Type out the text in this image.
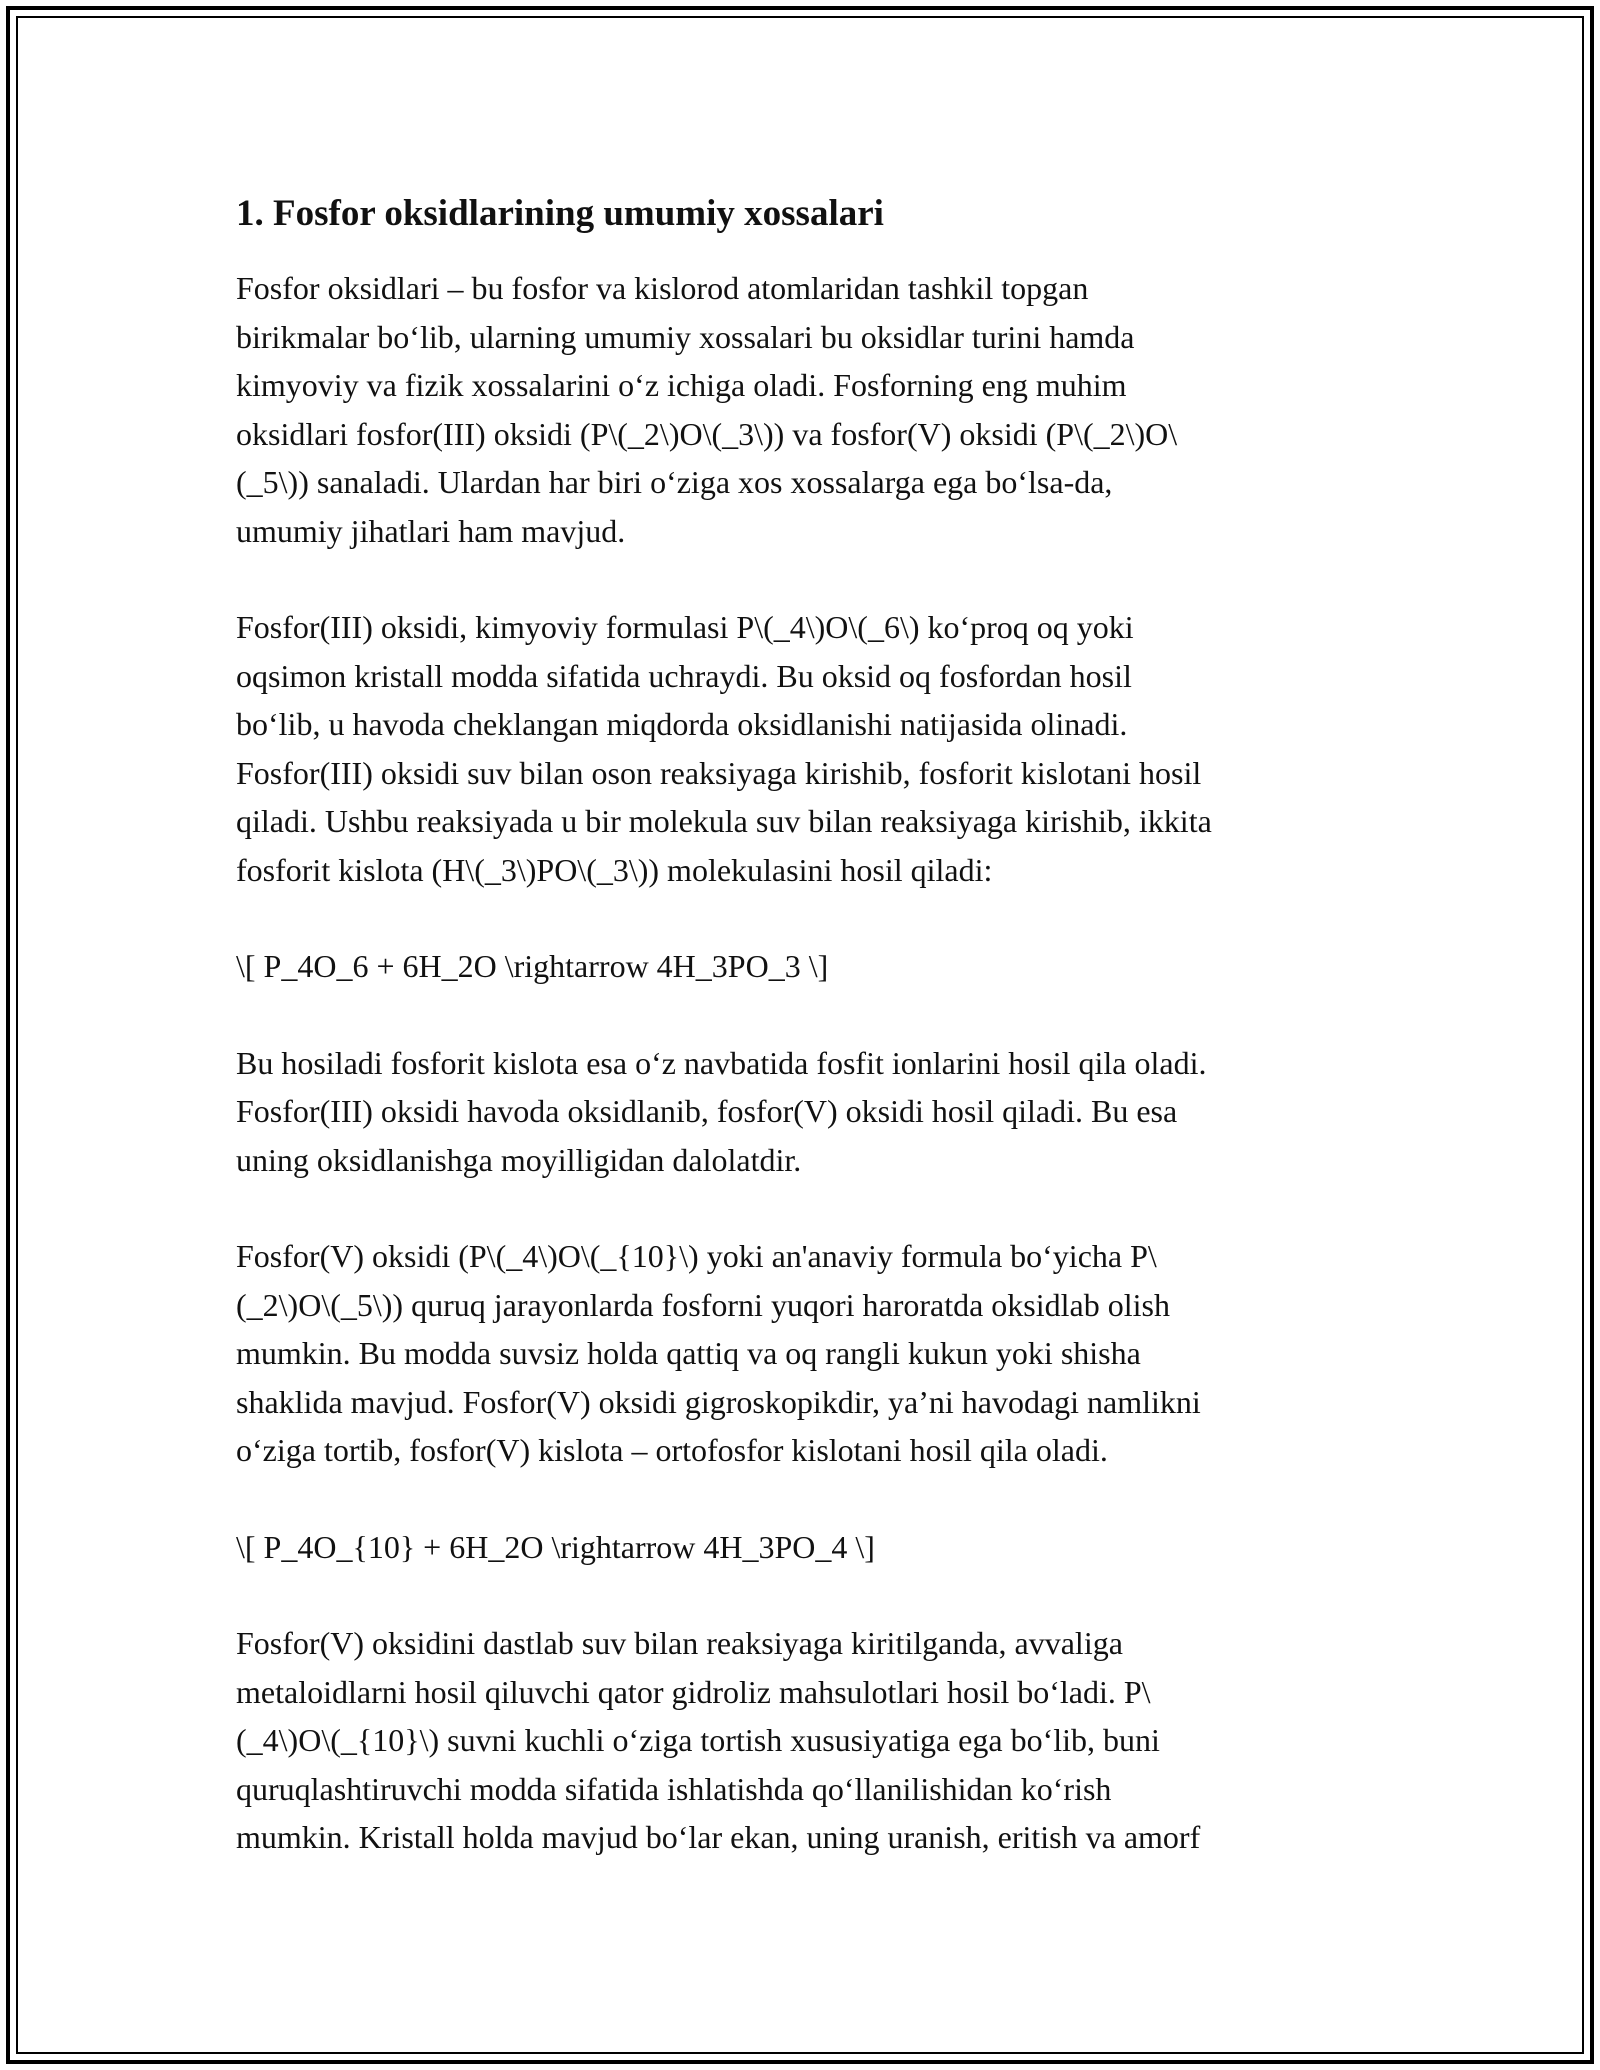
1. Fosfor oksidlarining umumiy xossalari

Fosfor oksidlari – bu fosfor va kislorod atomlaridan tashkil topgan
birikmalar bo‘lib, ularning umumiy xossalari bu oksidlar turini hamda
kimyoviy va fizik xossalarini o‘z ichiga oladi. Fosforning eng muhim
oksidlari fosfor(III) oksidi (P\(_2\)O\(_3\)) va fosfor(V) oksidi (P\(_2\)O\
(_5\)) sanaladi. Ulardan har biri o‘ziga xos xossalarga ega bo‘lsa-da,
umumiy jihatlari ham mavjud.

Fosfor(III) oksidi, kimyoviy formulasi P\(_4\)O\(_6\) ko‘proq oq yoki
oqsimon kristall modda sifatida uchraydi. Bu oksid oq fosfordan hosil
bo‘lib, u havoda cheklangan miqdorda oksidlanishi natijasida olinadi.
Fosfor(III) oksidi suv bilan oson reaksiyaga kirishib, fosforit kislotani hosil
qiladi. Ushbu reaksiyada u bir molekula suv bilan reaksiyaga kirishib, ikkita
fosforit kislota (H\(_3\)PO\(_3\)) molekulasini hosil qiladi:

\[ P_4O_6 + 6H_2O \rightarrow 4H_3PO_3 \]

Bu hosiladi fosforit kislota esa o‘z navbatida fosfit ionlarini hosil qila oladi.
Fosfor(III) oksidi havoda oksidlanib, fosfor(V) oksidi hosil qiladi. Bu esa
uning oksidlanishga moyilligidan dalolatdir.

Fosfor(V) oksidi (P\(_4\)O\(_{10}\) yoki an'anaviy formula bo‘yicha P\
(_2\)O\(_5\)) quruq jarayonlarda fosforni yuqori haroratda oksidlab olish
mumkin. Bu modda suvsiz holda qattiq va oq rangli kukun yoki shisha
shaklida mavjud. Fosfor(V) oksidi gigroskopikdir, ya’ni havodagi namlikni
o‘ziga tortib, fosfor(V) kislota – ortofosfor kislotani hosil qila oladi.

\[ P_4O_{10} + 6H_2O \rightarrow 4H_3PO_4 \]

Fosfor(V) oksidini dastlab suv bilan reaksiyaga kiritilganda, avvaliga
metaloidlarni hosil qiluvchi qator gidroliz mahsulotlari hosil bo‘ladi. P\
(_4\)O\(_{10}\) suvni kuchli o‘ziga tortish xususiyatiga ega bo‘lib, buni
quruqlashtiruvchi modda sifatida ishlatishda qo‘llanilishidan ko‘rish
mumkin. Kristall holda mavjud bo‘lar ekan, uning uranish, eritish va amorf
